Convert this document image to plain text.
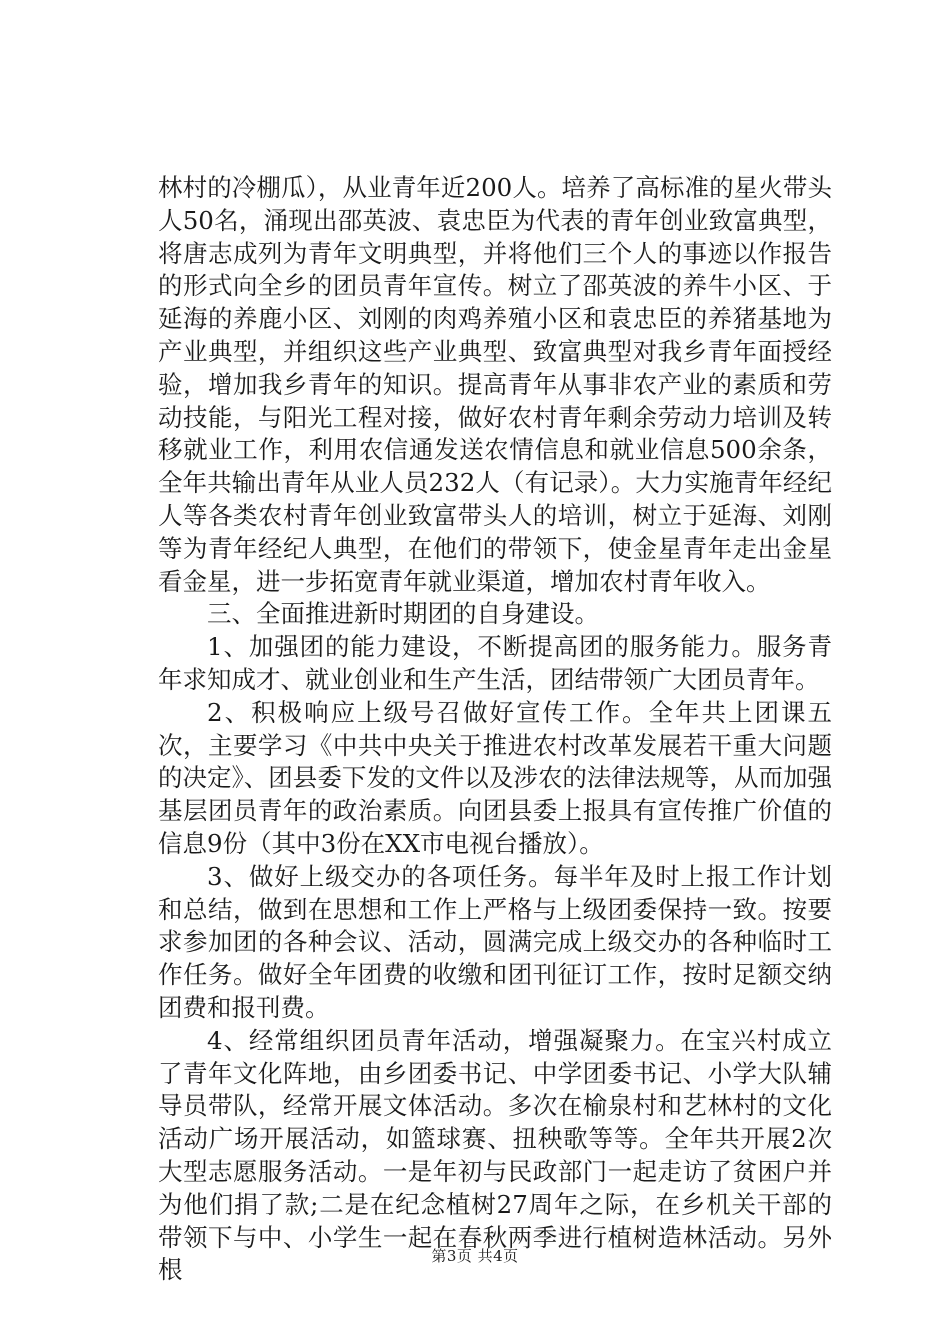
林村的冷棚瓜），从业青年近200人。培养了高标准的星火带头人50名，涌现出邵英波、袁忠臣为代表的青年创业致富典型，将唐志成列为青年文明典型，并将他们三个人的事迹以作报告的形式向全乡的团员青年宣传。树立了邵英波的养牛小区、于延海的养鹿小区、刘刚的肉鸡养殖小区和袁忠臣的养猪基地为产业典型，并组织这些产业典型、致富典型对我乡青年面授经验，增加我乡青年的知识。提高青年从事非农产业的素质和劳动技能，与阳光工程对接，做好农村青年剩余劳动力培训及转移就业工作，利用农信通发送农情信息和就业信息500余条，全年共输出青年从业人员232人（有记录）。大力实施青年经纪人等各类农村青年创业致富带头人的培训，树立于延海、刘刚等为青年经纪人典型，在他们的带领下，使金星青年走出金星看金星，进一步拓宽青年就业渠道，增加农村青年收入。

三、全面推进新时期团的自身建设。

1、加强团的能力建设，不断提高团的服务能力。服务青年求知成才、就业创业和生产生活，团结带领广大团员青年。

2、积极响应上级号召做好宣传工作。全年共上团课五次，主要学习《中共中央关于推进农村改革发展若干重大问题的决定》、团县委下发的文件以及涉农的法律法规等，从而加强基层团员青年的政治素质。向团县委上报具有宣传推广价值的信息9份（其中3份在XX市电视台播放）。

3、做好上级交办的各项任务。每半年及时上报工作计划和总结，做到在思想和工作上严格与上级团委保持一致。按要求参加团的各种会议、活动，圆满完成上级交办的各种临时工作任务。做好全年团费的收缴和团刊征订工作，按时足额交纳团费和报刊费。

4、经常组织团员青年活动，增强凝聚力。在宝兴村成立了青年文化阵地，由乡团委书记、中学团委书记、小学大队辅导员带队，经常开展文体活动。多次在榆泉村和艺林村的文化活动广场开展活动，如篮球赛、扭秧歌等等。全年共开展2次大型志愿服务活动。一是年初与民政部门一起走访了贫困户并为他们捐了款;二是在纪念植树27周年之际，在乡机关干部的带领下与中、小学生一起在春秋两季进行植树造林活动。另外根	第3页 共4页
